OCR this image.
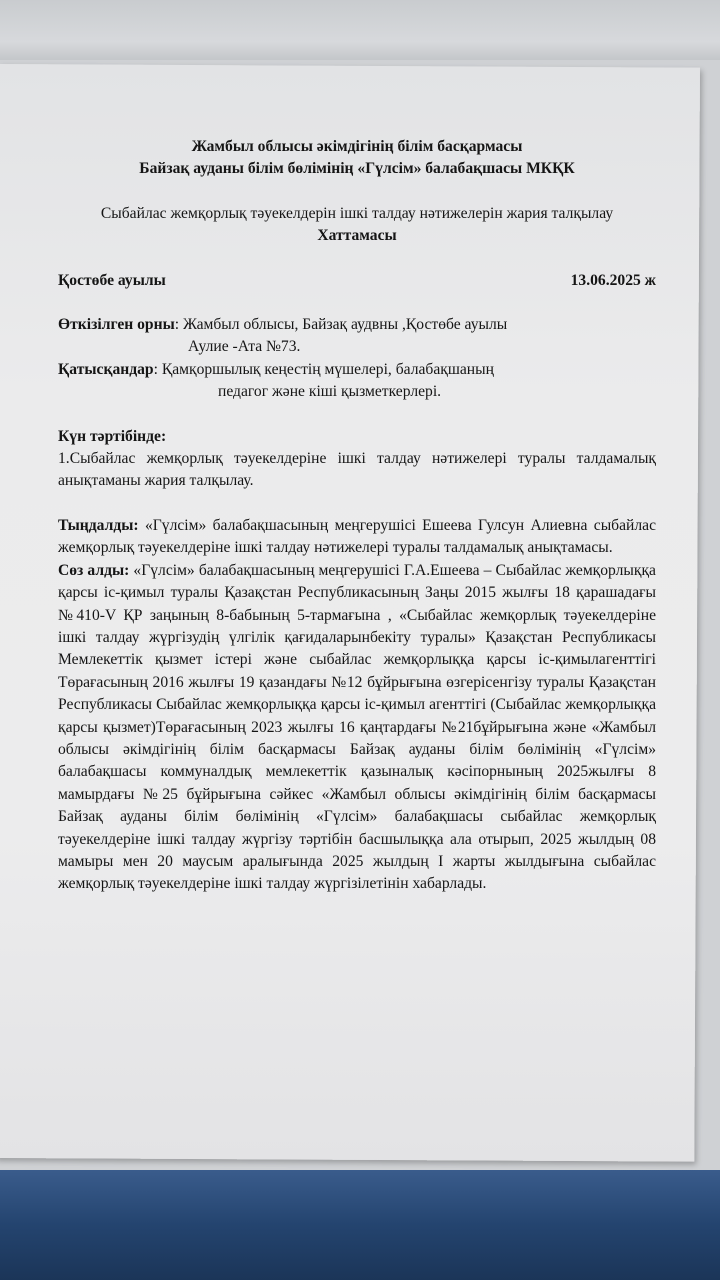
Жамбыл облысы әкімдігінің білім басқармасы
Байзақ ауданы білім бөлімінің «Гүлсім» балабақшасы МКҚК
Сыбайлас жемқорлық тәуекелдерін ішкі талдау нәтижелерін жария талқылау
Хаттамасы
Қостөбе ауылы	13.06.2025 ж
Өткізілген орны: Жамбыл облысы, Байзақ аудвны ,Қостөбе ауылы
Аулие -Ата №73.
Қатысқандар: Қамқоршылық кеңестің мүшелері, балабақшаның
педагог және кіші қызметкерлері.
Күн тәртібінде:
1.Сыбайлас жемқорлық тәуекелдеріне ішкі талдау нәтижелері туралы талдамалық анықтаманы жария талқылау.
Тыңдалды: «Гүлсім» балабақшасының меңгерушісі Ешеева Гулсун Алиевна сыбайлас жемқорлық тәуекелдеріне ішкі талдау нәтижелері туралы талдамалық анықтамасы.
Сөз алды: «Гүлсім» балабақшасының меңгерушісі Г.А.Ешеева – Сыбайлас жемқорлыққа қарсы іс-қимыл туралы Қазақстан Республикасының Заңы 2015 жылғы 18 қарашадағы №410-V ҚР заңының 8-бабының 5-тармағына , «Сыбайлас жемқорлық тәуекелдеріне ішкі талдау жүргізудің үлгілік қағидаларынбекіту туралы» Қазақстан Республикасы Мемлекеттік қызмет істері және сыбайлас жемқорлыққа қарсы іс-қимылагенттігі Төрағасының 2016 жылғы 19 қазандағы №12 бұйрығына өзгерісенгізу туралы Қазақстан Республикасы Сыбайлас жемқорлыққа қарсы іс-қимыл агенттігі (Сыбайлас жемқорлыққа қарсы қызмет)Төрағасының 2023 жылғы 16 қаңтардағы №21бұйрығына және «Жамбыл облысы әкімдігінің білім басқармасы Байзақ ауданы білім бөлімінің «Гүлсім» балабақшасы коммуналдық мемлекеттік қазыналық кәсіпорнының 2025жылғы 8 мамырдағы №25 бұйрығына сәйкес «Жамбыл облысы әкімдігінің білім басқармасы Байзақ ауданы білім бөлімінің «Гүлсім» балабақшасы сыбайлас жемқорлық тәуекелдеріне ішкі талдау жүргізу тәртібін басшылыққа ала отырып, 2025 жылдың 08 мамыры мен 20 маусым аралығында 2025 жылдың I жарты жылдығына сыбайлас жемқорлық тәуекелдеріне ішкі талдау жүргізілетінін хабарлады.
